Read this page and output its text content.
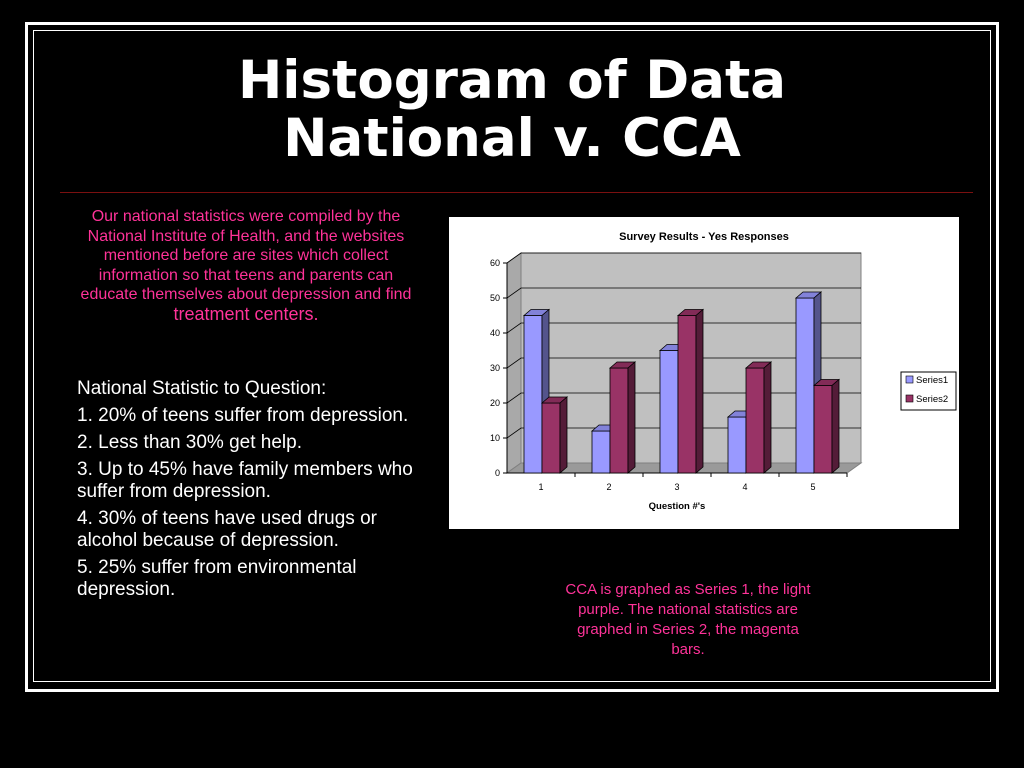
Histogram of Data
National v. CCA
Our national statistics were compiled by the National Institute of Health, and the websites mentioned before are sites which collect information so that teens and parents can educate themselves about depression and find treatment centers.

National Statistic to Question:

1. 20% of teens suffer from depression.

2. Less than 30% get help.

3. Up to 45% have family members who suffer from depression.

4. 30% of teens have used drugs or alcohol because of depression.

5. 25% suffer from environmental depression.

Survey Results - Yes Responses
0
10
20
30
40
50
60
1	2	3	4	5
Question #'s
Series1
Series2
CCA is graphed as Series 1, the light purple. The national statistics are graphed in Series 2, the magenta bars.
